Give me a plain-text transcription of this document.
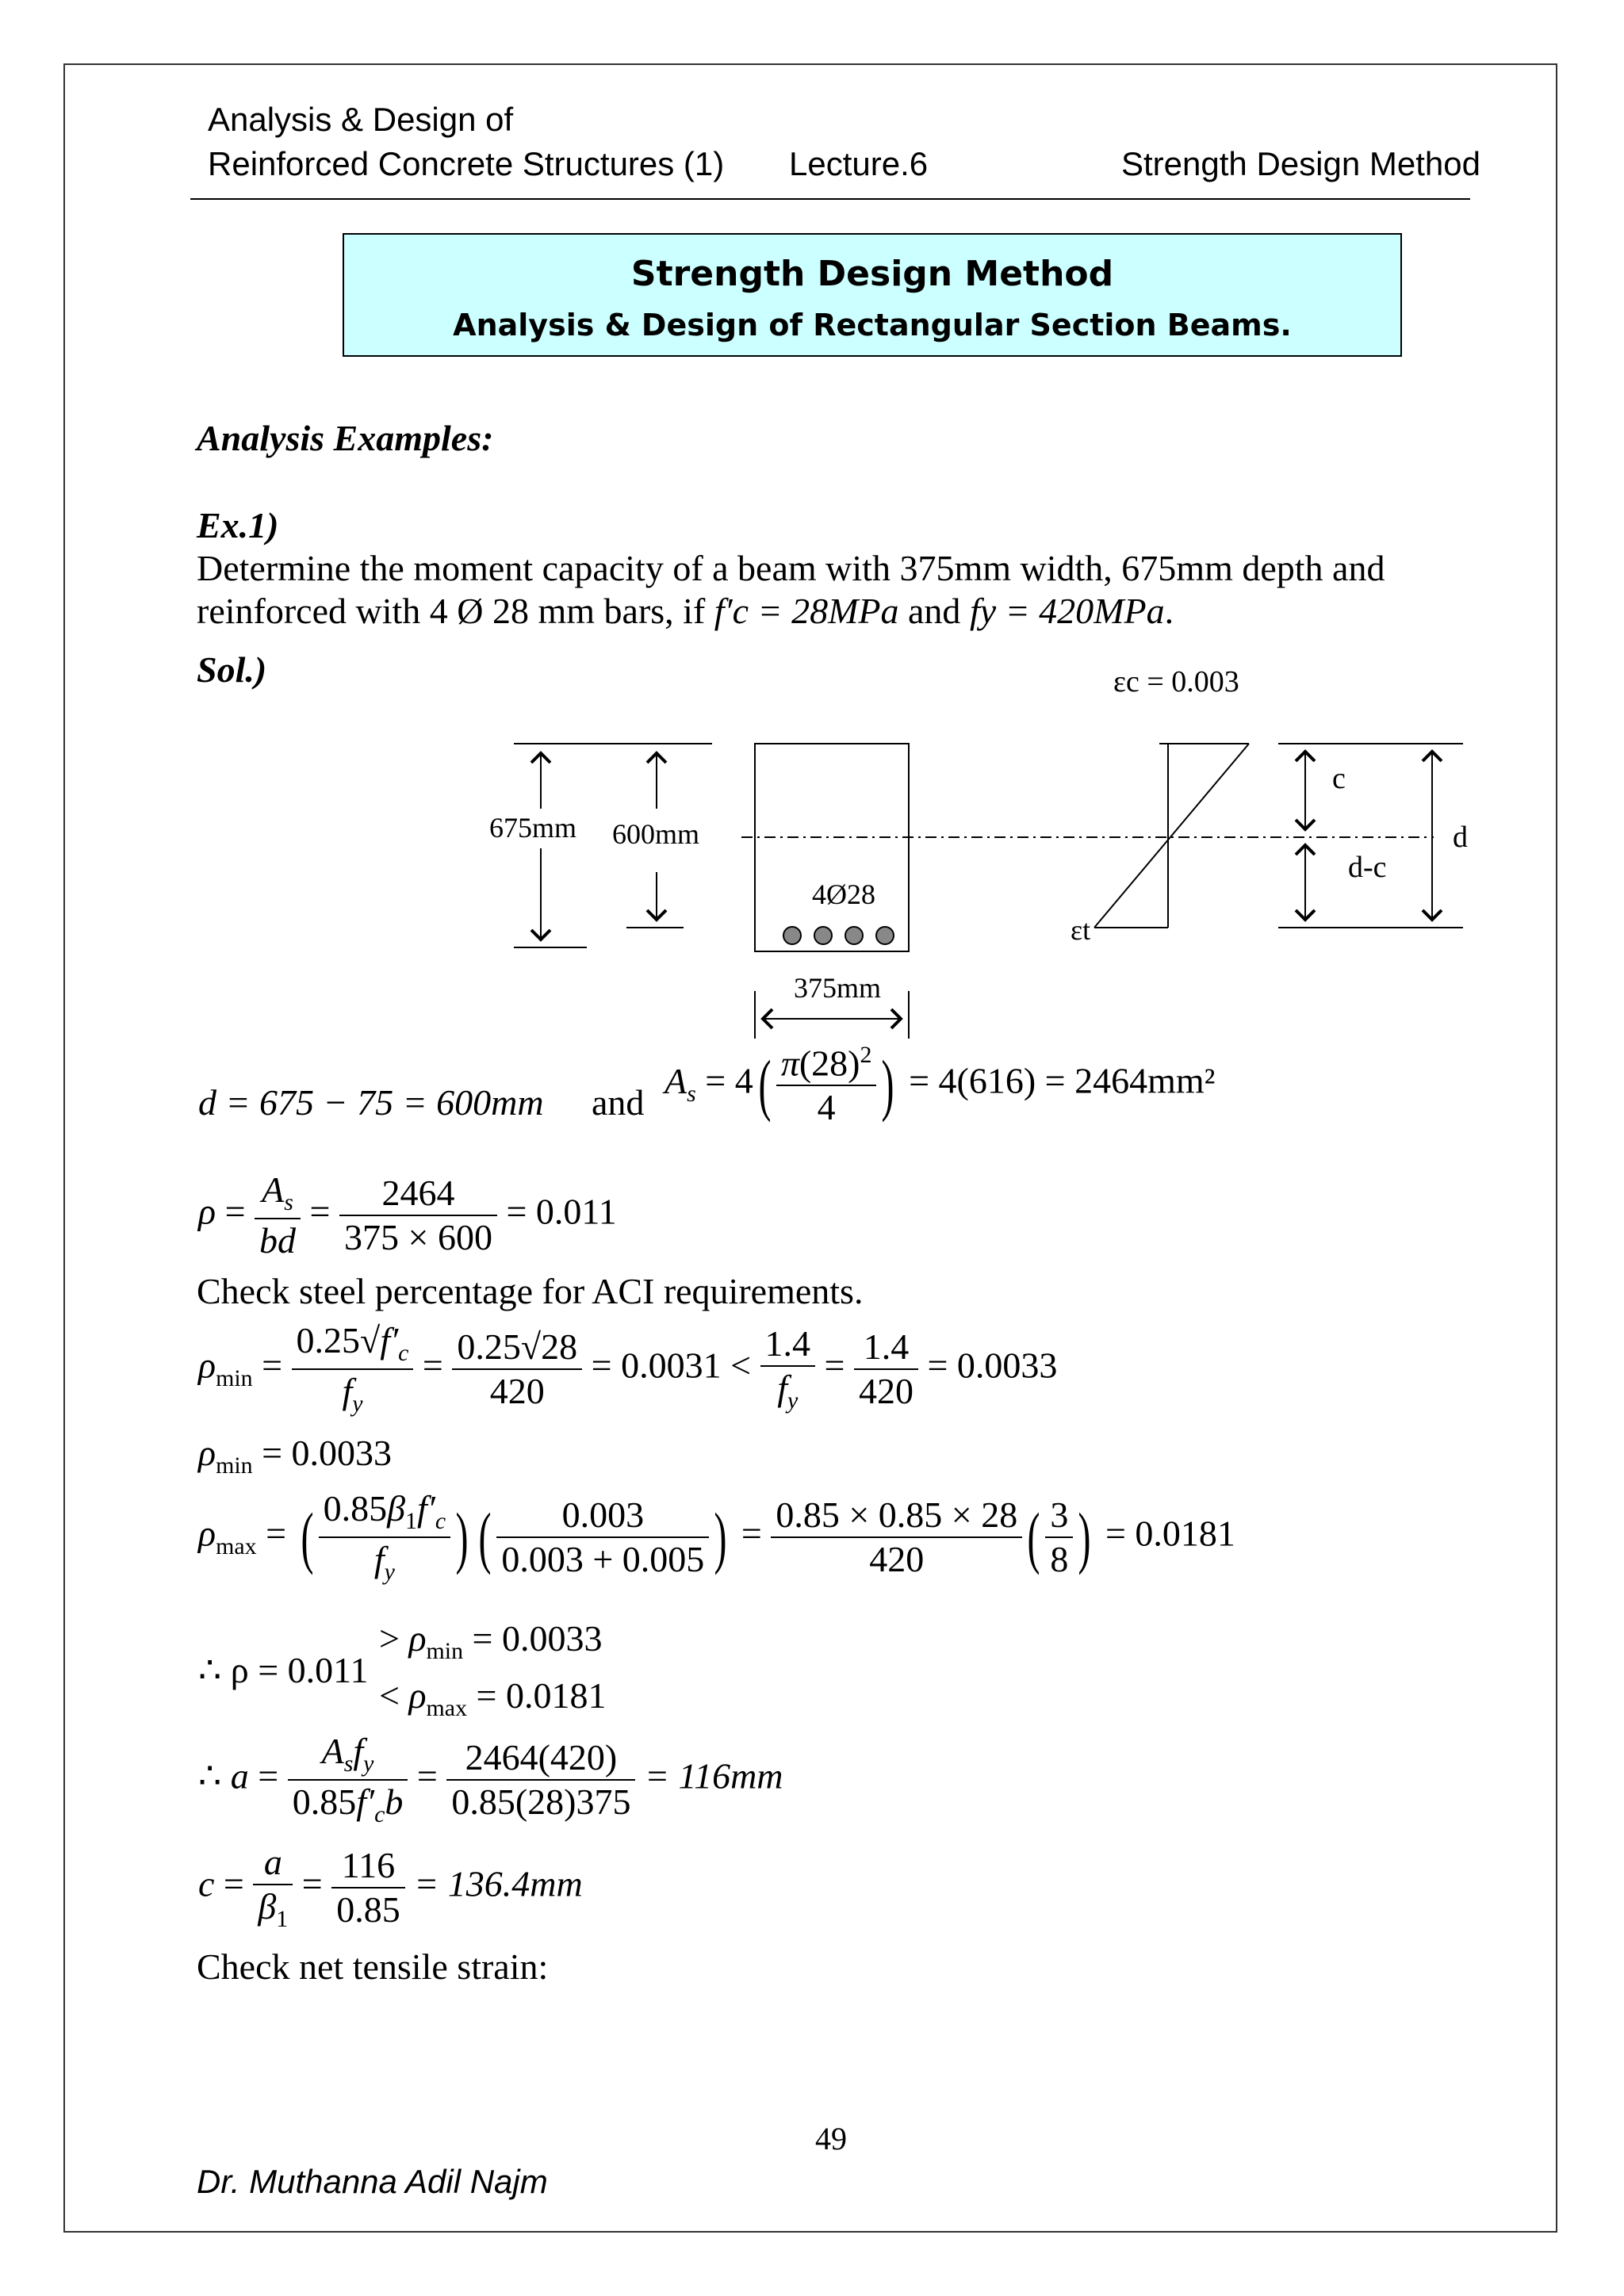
Analysis & Design of
Reinforced Concrete Structures (1) Lecture.6	Strength Design Method
Strength Design Method
Analysis & Design of Rectangular Section Beams.
Analysis Examples:
Ex.1)
Determine the moment capacity of a beam with 375mm width, 675mm depth and
reinforced with 4 Ø 28 mm bars, if f′c = 28MPa and fy = 420MPa.
Sol.)
675mm 600mm
4Ø28
375mm
εc = 0.003
εt
c
d-c
d
d = 675 − 75 = 600mm and
$A_s = 4( \frac{\pi(28)^2}{4}$ ) = 4(616) = 2464mm²
$\rho = \frac{A_s}{bd} = \frac{2464}{375 \times 600} = 0.011$
Check steel percentage for ACI requirements.
$\rho_{min} = \frac{0.25√f'_c}{f_y} = \frac{0.25√28}{420} = 0.0031 < \frac{1.4}{f_y} = \frac{1.4}{420} = 0.0033$
$\rho_{min} = 0.0033$
$\rho_{max}$ = ( $\frac{0.85\beta_1f'_c}{f_y}$ ) ( $\frac{0.003}{0.003 + 0.005}$ ) = $\frac{0.85 \times 0.85 \times 28}{420}$ ( $\frac{3}{8}$ ) = 0.0181
∴ ρ = 0.011
> $\rho_{min} = 0.0033$
< $\rho_{max} = 0.0181$
∴ $a = \frac{A_sf_y}{0.85f'_cb} = \frac{2464(420)}{0.85(28)375} = 116mm$
$c = \frac{a}{\beta_1} = \frac{116}{0.85} = 136.4mm$
Check net tensile strain:
49
Dr. Muthanna Adil Najm
